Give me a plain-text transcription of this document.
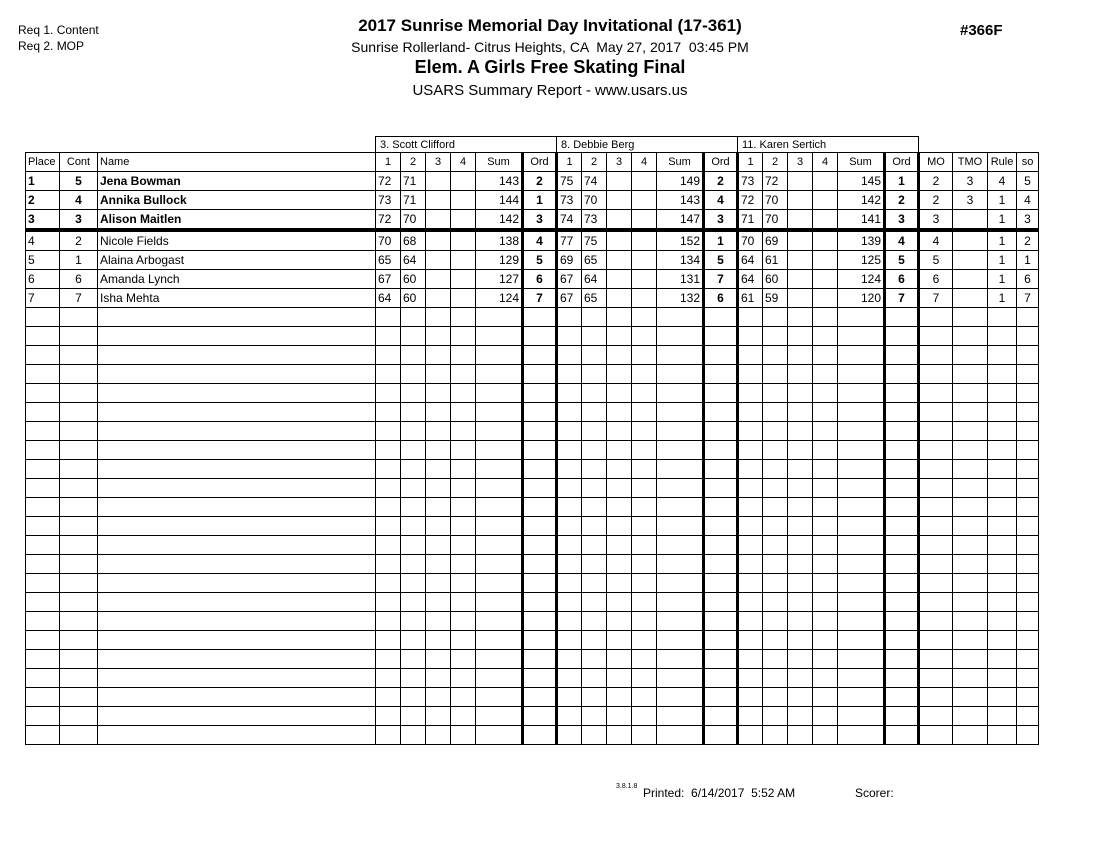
Req 1. Content
Req 2. MOP
#366F
2017 Sunrise Memorial Day Invitational (17-361)
Sunrise Rollerland- Citrus Heights, CA  May 27, 2017  03:45 PM
Elem. A Girls Free Skating Final
USARS Summary Report - www.usars.us
			3. Scott Clifford						8. Debbie Berg						11. Karen Sertich									
Place	Cont	Name	1	2	3	4	Sum	Ord	1	2	3	4	Sum	Ord	1	2	3	4	Sum	Ord	MO	TMO	Rule	so
1	5	Jena Bowman	72	71			143	2	75	74			149	2	73	72			145	1	2	3	4	5
2	4	Annika Bullock	73	71			144	1	73	70			143	4	72	70			142	2	2	3	1	4
3	3	Alison Maitlen	72	70			142	3	74	73			147	3	71	70			141	3	3		1	3
4	2	Nicole Fields	70	68			138	4	77	75			152	1	70	69			139	4	4		1	2
5	1	Alaina Arbogast	65	64			129	5	69	65			134	5	64	61			125	5	5		1	1
6	6	Amanda Lynch	67	60			127	6	67	64			131	7	64	60			124	6	6		1	6
7	7	Isha Mehta	64	60			124	7	67	65			132	6	61	59			120	7	7		1	7

3.8.1.8 Printed:  6/14/2017  5:52 AM	Scorer:
